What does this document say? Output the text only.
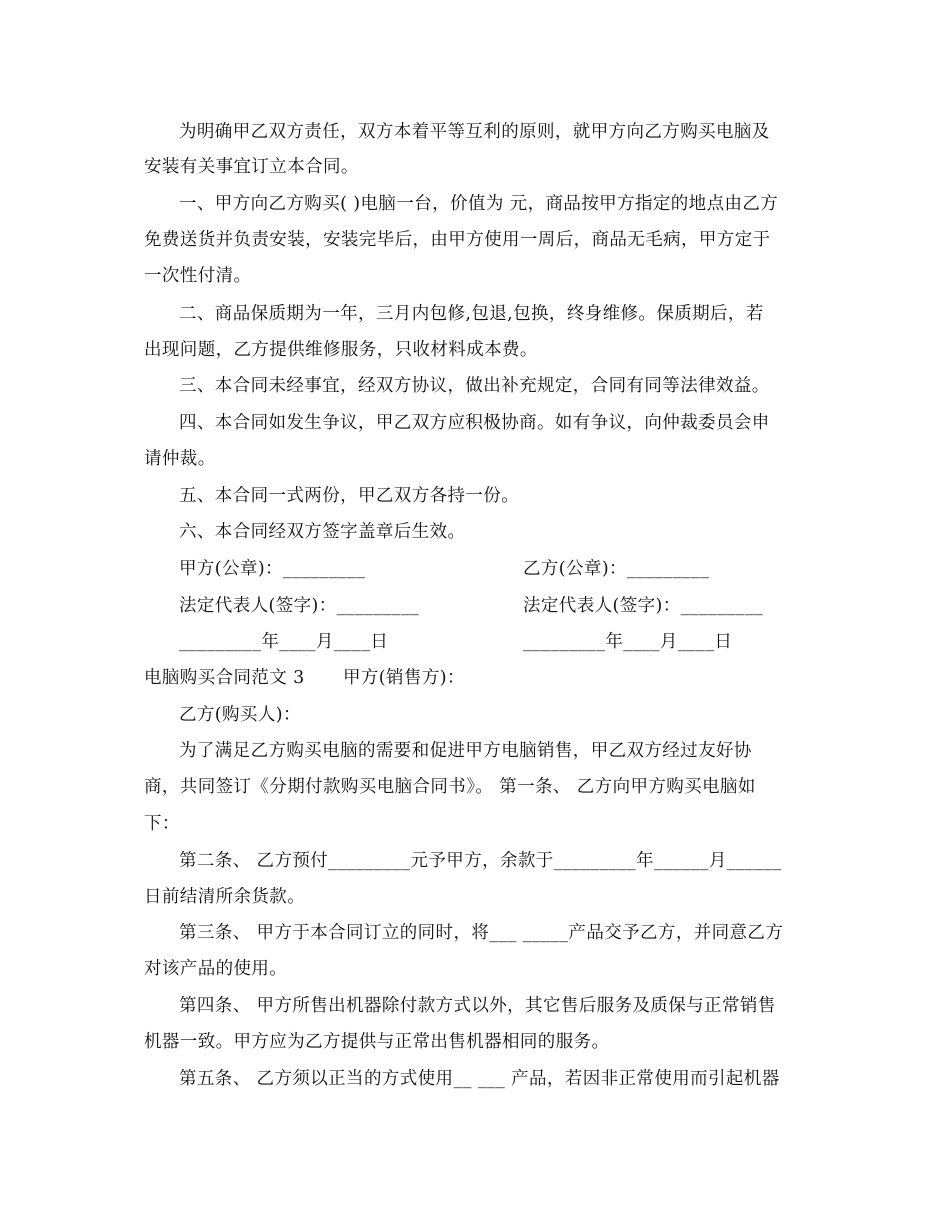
为明确甲乙双方责任，双方本着平等互利的原则，就甲方向乙方购买电脑及
安装有关事宜订立本合同。
一、甲方向乙方购买( )电脑一台，价值为 元，商品按甲方指定的地点由乙方
免费送货并负责安装，安装完毕后，由甲方使用一周后，商品无毛病，甲方定于
一次性付清。
二、商品保质期为一年，三月内包修,包退,包换，终身维修。保质期后，若
出现问题，乙方提供维修服务，只收材料成本费。
三、本合同未经事宜，经双方协议，做出补充规定，合同有同等法律效益。
四、本合同如发生争议，甲乙双方应积极协商。如有争议，向仲裁委员会申
请仲裁。
五、本合同一式两份，甲乙双方各持一份。
六、本合同经双方签字盖章后生效。
甲方(公章)：_________	乙方(公章)：_________
法定代表人(签字)：_________	法定代表人(签字)：_________
_________年____月____日	_________年____月____日
电脑购买合同范文 3 甲方(销售方)：
乙方(购买人)：
为了满足乙方购买电脑的需要和促进甲方电脑销售，甲乙双方经过友好协
商，共同签订《分期付款购买电脑合同书》。 第一条、 乙方向甲方购买电脑如
下：
第二条、 乙方预付_________元予甲方，余款于_________年______月______
日前结清所余货款。
第三条、 甲方于本合同订立的同时，将___ _____产品交予乙方，并同意乙方
对该产品的使用。
第四条、 甲方所售出机器除付款方式以外，其它售后服务及质保与正常销售
机器一致。甲方应为乙方提供与正常出售机器相同的服务。
第五条、 乙方须以正当的方式使用__ ___ 产品，若因非正常使用而引起机器
